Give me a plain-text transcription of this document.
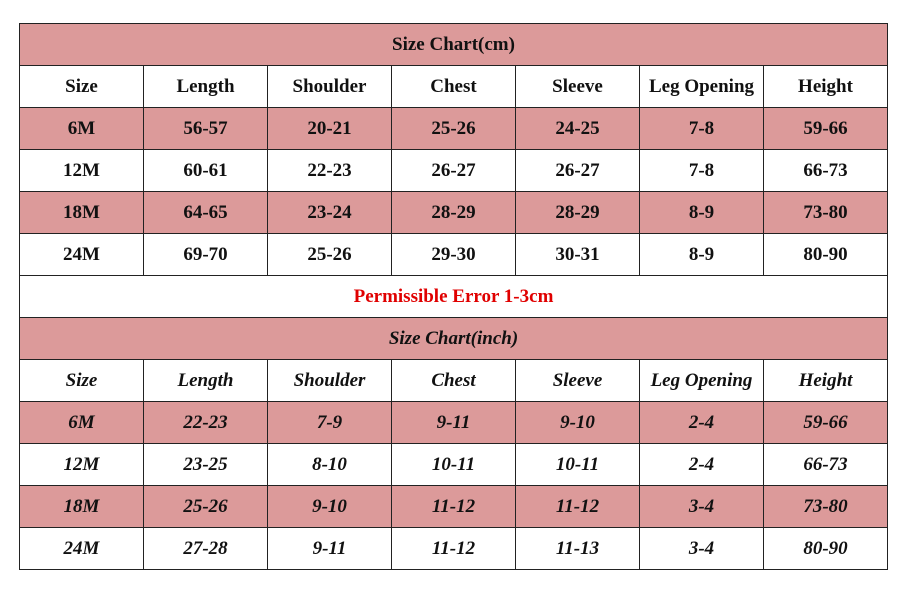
Size Chart(cm)						
Size	Length	Shoulder	Chest	Sleeve	Leg Opening	Height
6M	56-57	20-21	25-26	24-25	7-8	59-66
12M	60-61	22-23	26-27	26-27	7-8	66-73
18M	64-65	23-24	28-29	28-29	8-9	73-80
24M	69-70	25-26	29-30	30-31	8-9	80-90
Permissible Error 1-3cm						
Size Chart(inch)						
Size	Length	Shoulder	Chest	Sleeve	Leg Opening	Height
6M	22-23	7-9	9-11	9-10	2-4	59-66
12M	23-25	8-10	10-11	10-11	2-4	66-73
18M	25-26	9-10	11-12	11-12	3-4	73-80
24M	27-28	9-11	11-12	11-13	3-4	80-90
